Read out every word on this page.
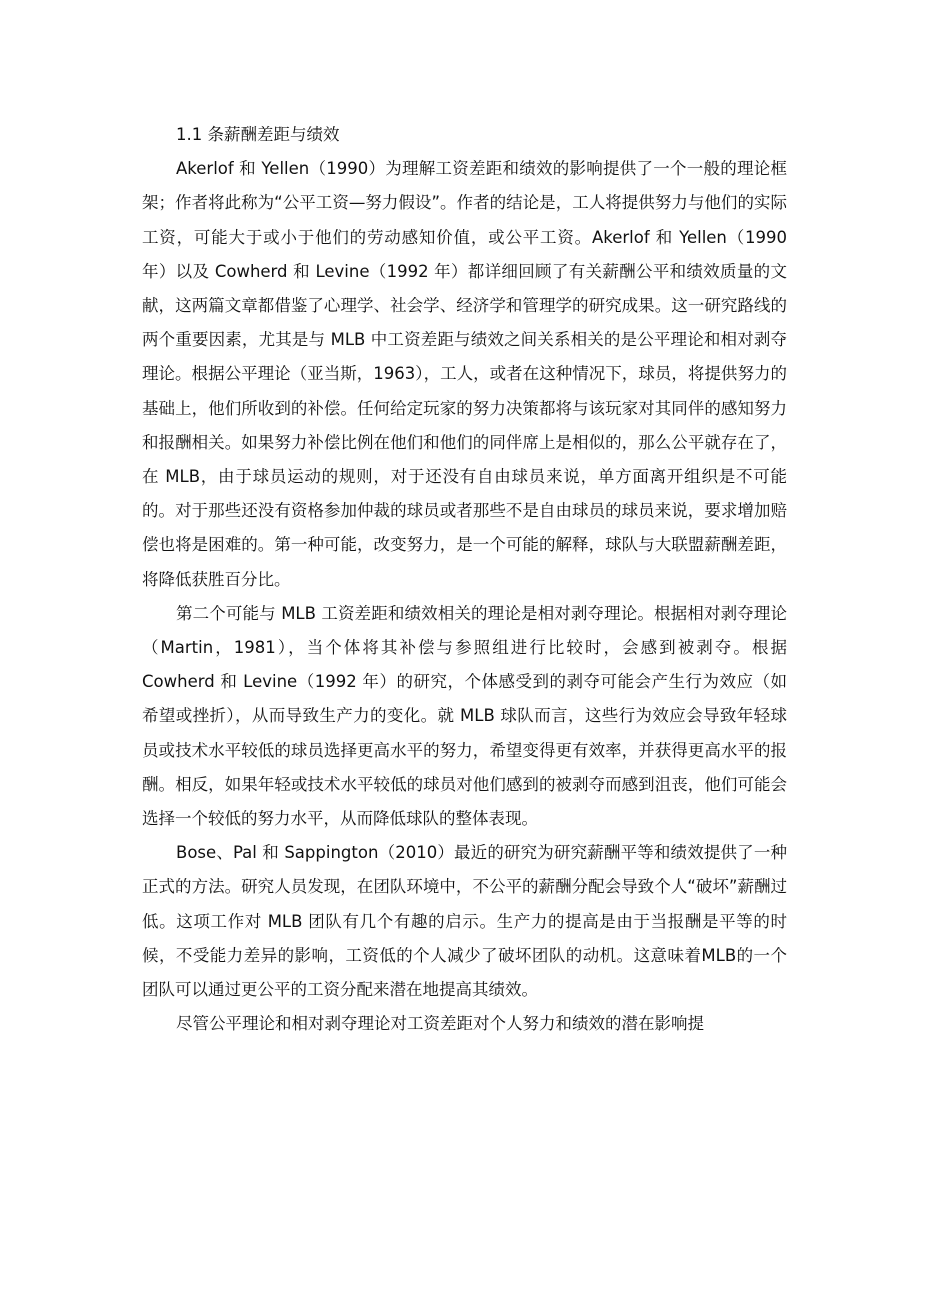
1.1 条薪酬差距与绩效

Akerlof 和 Yellen（1990）为理解工资差距和绩效的影响提供了一个一般的理论框架；作者将此称为“公平工资—努力假设”。作者的结论是，工人将提供努力与他们的实际工资，可能大于或小于他们的劳动感知价值，或公平工资。Akerlof 和 Yellen（1990 年）以及 Cowherd 和 Levine（1992 年）都详细回顾了有关薪酬公平和绩效质量的文献，这两篇文章都借鉴了心理学、社会学、经济学和管理学的研究成果。这一研究路线的两个重要因素，尤其是与 MLB 中工资差距与绩效之间关系相关的是公平理论和相对剥夺理论。根据公平理论（亚当斯，1963），工人，或者在这种情况下，球员，将提供努力的基础上，他们所收到的补偿。任何给定玩家的努力决策都将与该玩家对其同伴的感知努力和报酬相关。如果努力补偿比例在他们和他们的同伴席上是相似的，那么公平就存在了，在 MLB，由于球员运动的规则，对于还没有自由球员来说，单方面离开组织是不可能的。对于那些还没有资格参加仲裁的球员或者那些不是自由球员的球员来说，要求增加赔偿也将是困难的。第一种可能，改变努力，是一个可能的解释，球队与大联盟薪酬差距，将降低获胜百分比。

第二个可能与 MLB 工资差距和绩效相关的理论是相对剥夺理论。根据相对剥夺理论（Martin，1981），当个体将其补偿与参照组进行比较时，会感到被剥夺。根据 Cowherd 和 Levine（1992 年）的研究，个体感受到的剥夺可能会产生行为效应（如希望或挫折），从而导致生产力的变化。就 MLB 球队而言，这些行为效应会导致年轻球员或技术水平较低的球员选择更高水平的努力，希望变得更有效率，并获得更高水平的报酬。相反，如果年轻或技术水平较低的球员对他们感到的被剥夺而感到沮丧，他们可能会选择一个较低的努力水平，从而降低球队的整体表现。

Bose、Pal 和 Sappington（2010）最近的研究为研究薪酬平等和绩效提供了一种正式的方法。研究人员发现，在团队环境中，不公平的薪酬分配会导致个人“破坏”薪酬过低。这项工作对 MLB 团队有几个有趣的启示。生产力的提高是由于当报酬是平等的时候，不受能力差异的影响，工资低的个人减少了破坏团队的动机。这意味着MLB的一个团队可以通过更公平的工资分配来潜在地提高其绩效。

尽管公平理论和相对剥夺理论对工资差距对个人努力和绩效的潜在影响提
